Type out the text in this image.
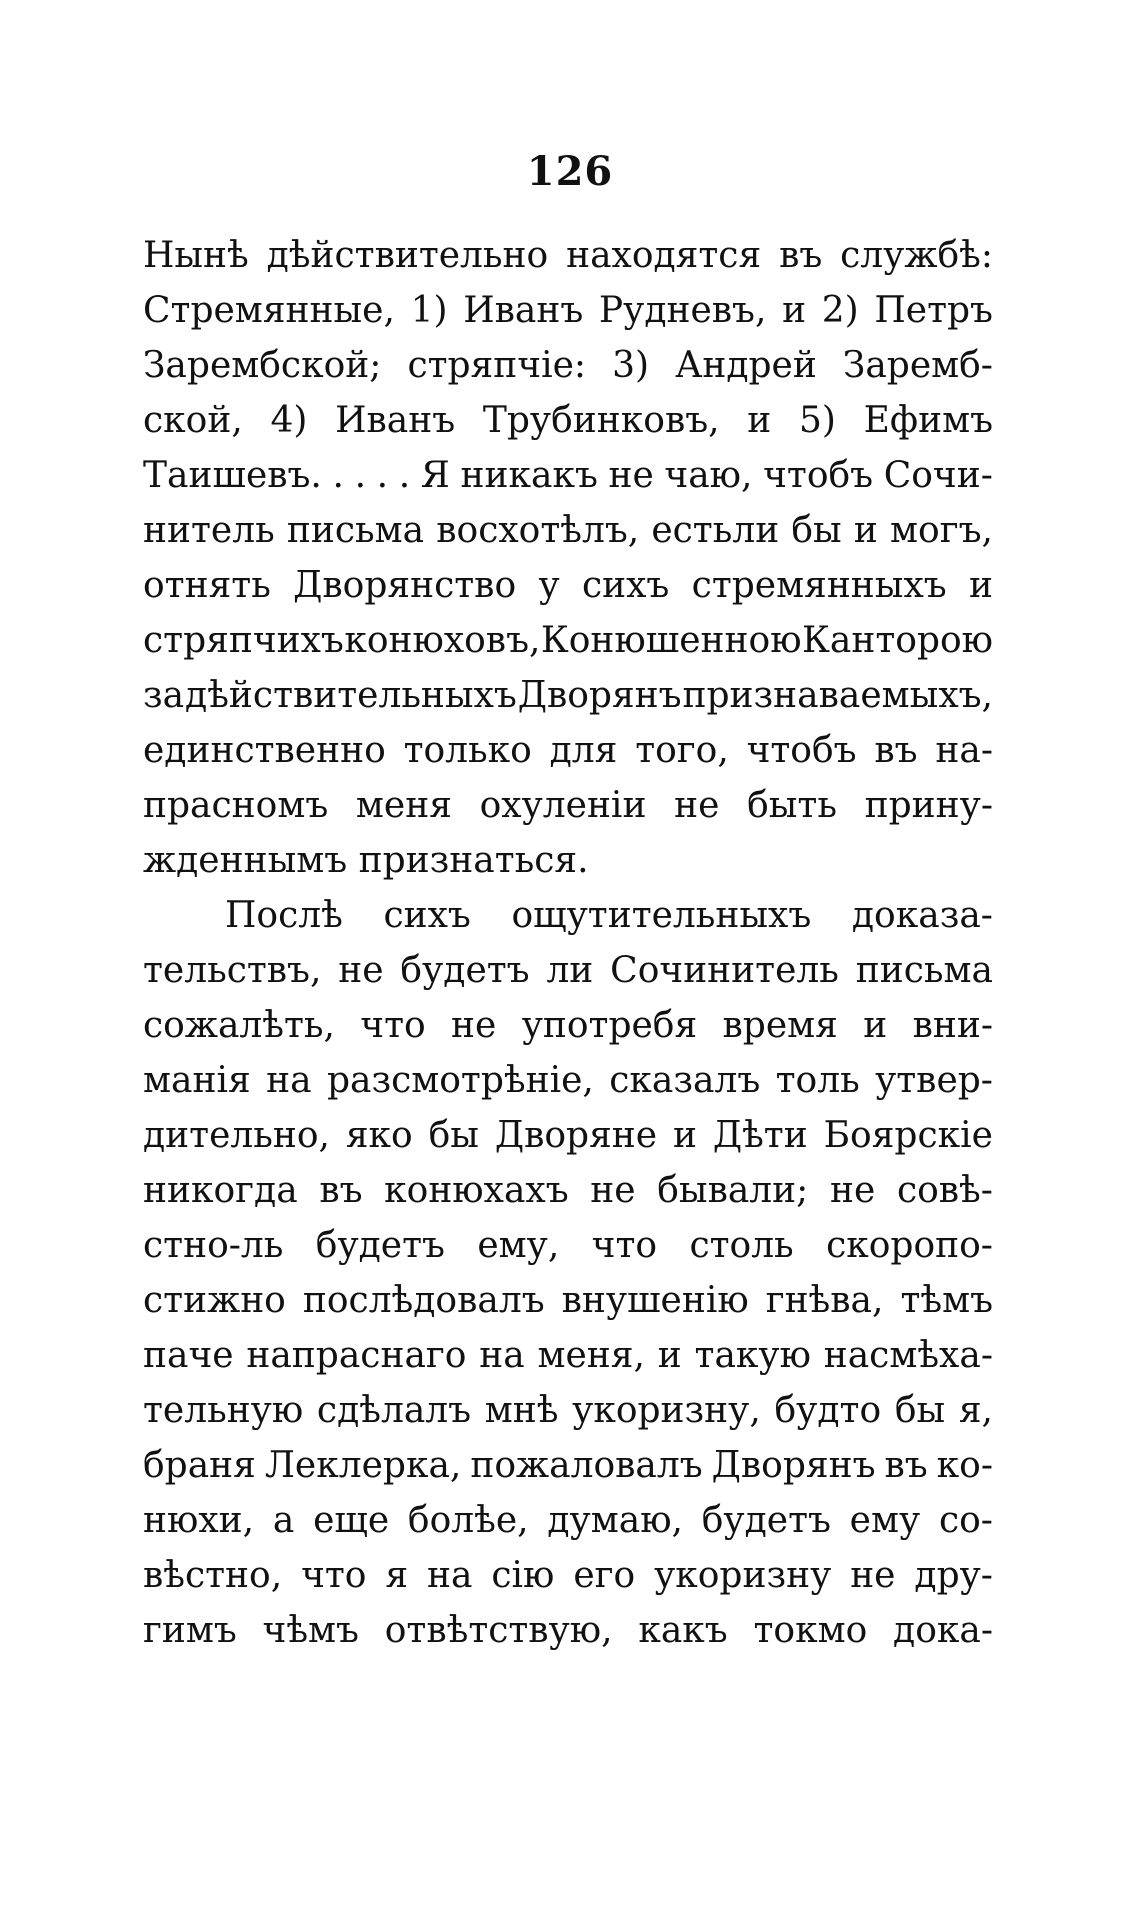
126
Нынѣ дѣйствительно находятся въ службѣ:
Стремянные, 1) Иванъ Рудневъ, и 2) Петръ
Зарембской; стряпчіе: 3) Андрей Зaремб-
ской, 4) Иванъ Трубинковъ, и 5) Ефимъ
Таишевъ. . . . . Я никакъ не чаю, чтобъ Сочи-
нитель письма восхотѣлъ, естьли бы и могъ,
отнять Дворянство у сихъ стремянныхъ и
стряпчихъ конюховъ, Конюшенною Канторою
за дѣйствительныхъ Дворянъ признаваемыхъ,
единственно только для того, чтобъ въ на-
прасномъ меня охуленіи не быть прину-
жденнымъ признаться.
Послѣ сихъ ощутительныхъ доказа-
тельствъ, не будетъ ли Сочинитель письма
сожалѣть, что не употребя время и вни-
манія на разсмотрѣніе, сказалъ толь утвер-
дительно, яко бы Дворяне и Дѣти Боярскіе
никогда въ конюхахъ не бывали; не совѣ-
стно-ль будетъ ему, что столь скоропо-
стижно послѣдовалъ внушенію гнѣва, тѣмъ
паче напраснаго на меня, и такую насмѣха-
тельную сдѣлалъ мнѣ укоризну, будто бы я,
браня Леклерка, пожаловалъ Дворянъ въ ко-
нюхи, а еще болѣе, думаю, будетъ ему со-
вѣстно, что я на сію его укоризну не дру-
гимъ чѣмъ отвѣтствую, какъ токмо дока-
